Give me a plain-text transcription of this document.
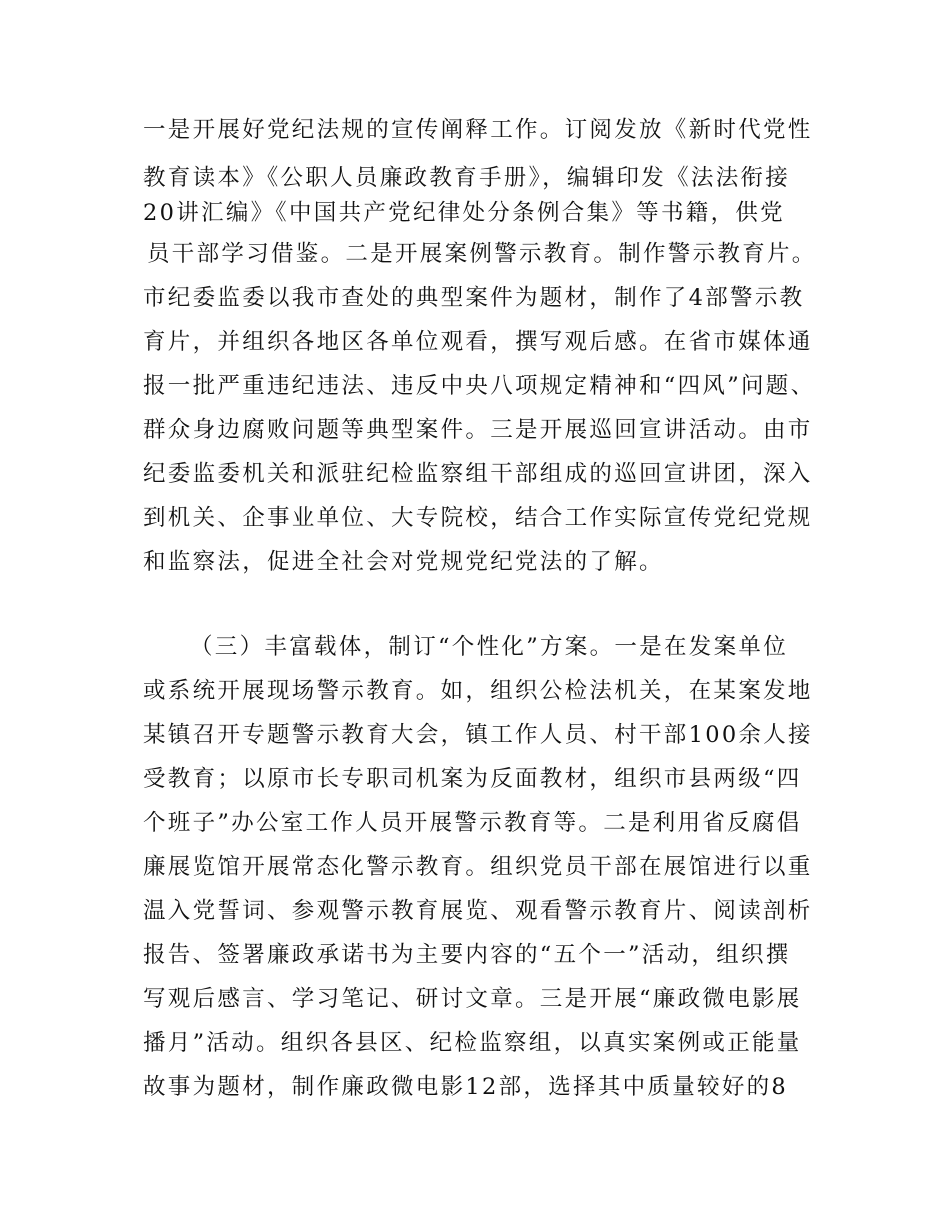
一是开展好党纪法规的宣传阐释工作。订阅发放《新时代党性

教育读本》《公职人员廉政教育手册》，编辑印发《法法衔接

20讲汇编》《中国共产党纪律处分条例合集》等书籍，供党

员干部学习借鉴。二是开展案例警示教育。制作警示教育片。

市纪委监委以我市查处的典型案件为题材，制作了4部警示教

育片，并组织各地区各单位观看，撰写观后感。在省市媒体通

报一批严重违纪违法、违反中央八项规定精神和“四风”问题、

群众身边腐败问题等典型案件。三是开展巡回宣讲活动。由市

纪委监委机关和派驻纪检监察组干部组成的巡回宣讲团，深入

到机关、企事业单位、大专院校，结合工作实际宣传党纪党规

和监察法，促进全社会对党规党纪党法的了解。

（三）丰富载体，制订“个性化”方案。一是在发案单位

或系统开展现场警示教育。如，组织公检法机关，在某案发地

某镇召开专题警示教育大会，镇工作人员、村干部100余人接

受教育；以原市长专职司机案为反面教材，组织市县两级“四

个班子”办公室工作人员开展警示教育等。二是利用省反腐倡

廉展览馆开展常态化警示教育。组织党员干部在展馆进行以重

温入党誓词、参观警示教育展览、观看警示教育片、阅读剖析

报告、签署廉政承诺书为主要内容的“五个一”活动，组织撰

写观后感言、学习笔记、研讨文章。三是开展“廉政微电影展

播月”活动。组织各县区、纪检监察组，以真实案例或正能量

故事为题材，制作廉政微电影12部，选择其中质量较好的8
